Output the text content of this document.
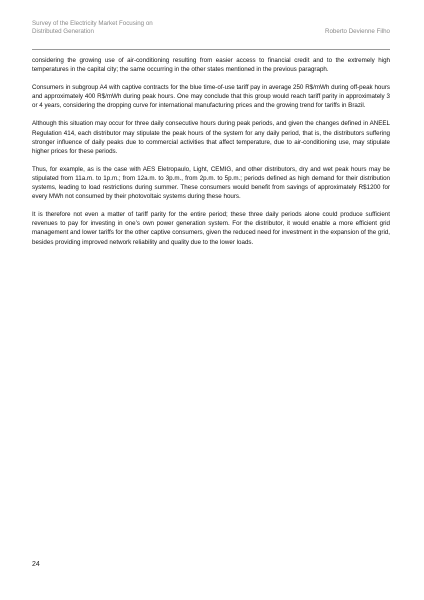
Survey of the Electricity Market Focusing on
Distributed Generation	Roberto Devienne Filho

considering the growing use of air-conditioning resulting from easier access to financial credit and to the extremely high temperatures in the capital city; the same occurring in the other states mentioned in the previous paragraph.

Consumers in subgroup A4 with captive contracts for the blue time-of-use tariff pay in average 250 R$/mWh during off-peak hours and approximately 400 R$/mWh during peak hours. One may conclude that this group would reach tariff parity in approximately 3 or 4 years, considering the dropping curve for international manufacturing prices and the growing trend for tariffs in Brazil.

Although this situation may occur for three daily consecutive hours during peak periods, and given the changes defined in ANEEL Regulation 414, each distributor may stipulate the peak hours of the system for any daily period, that is, the distributors suffering stronger influence of daily peaks due to commercial activities that affect temperature, due to air-conditioning use, may stipulate higher prices for these periods.

Thus, for example, as is the case with AES Eletropaulo, Light, CEMIG, and other distributors, dry and wet peak hours may be stipulated from 11a.m. to 1p.m.; from 12a.m. to 3p.m., from 2p.m. to 5p.m.; periods defined as high demand for their distribution systems, leading to load restrictions during summer. These consumers would benefit from savings of approximately R$1200 for every MWh not consumed by their photovoltaic systems during these hours.

It is therefore not even a matter of tariff parity for the entire period; these three daily periods alone could produce sufficient revenues to pay for investing in one’s own power generation system. For the distributor, it would enable a more efficient grid management and lower tariffs for the other captive consumers, given the reduced need for investment in the expansion of the grid, besides providing improved network reliability and quality due to the lower loads.

24
